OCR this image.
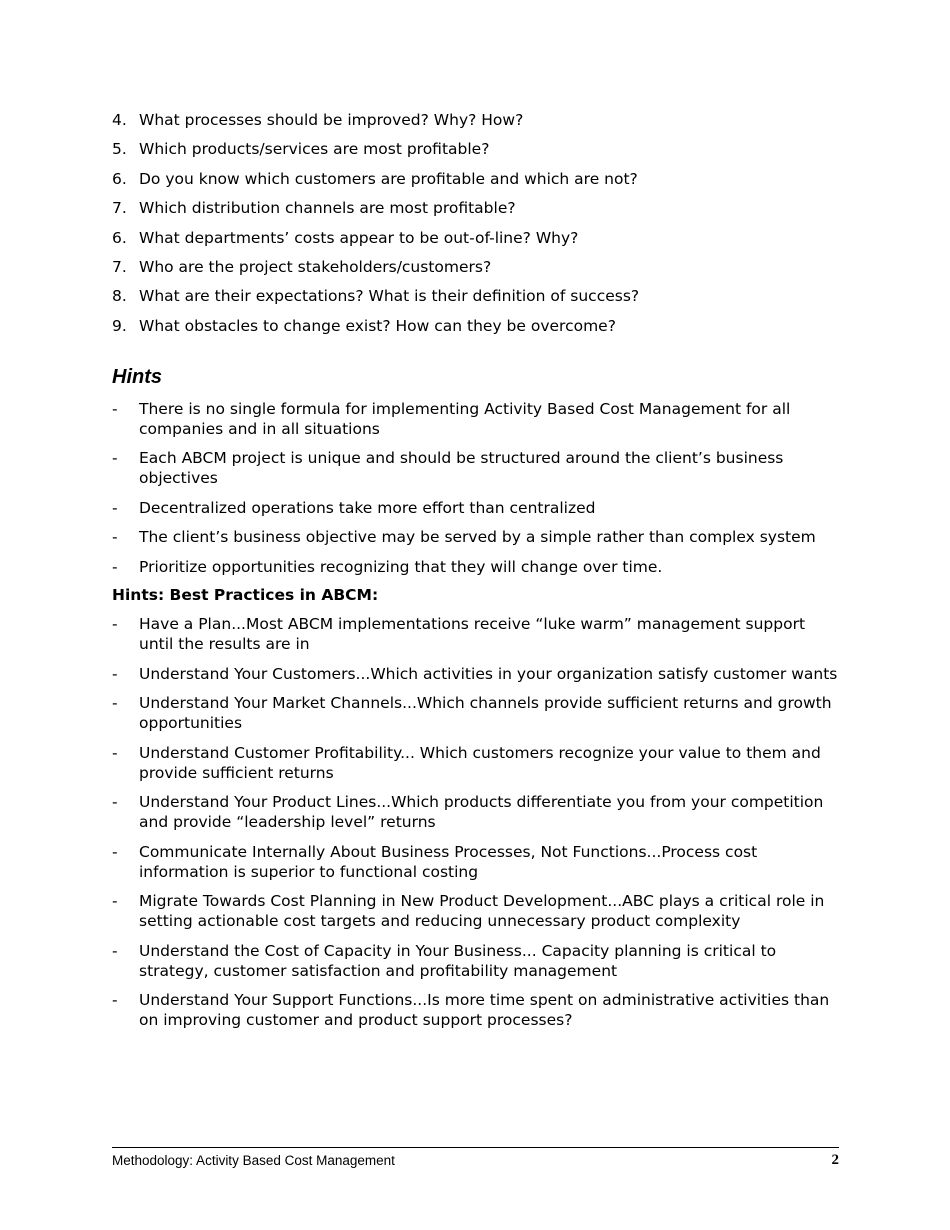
4. What processes should be improved? Why? How?
5. Which products/services are most profitable?
6. Do you know which customers are profitable and which are not?
7. Which distribution channels are most profitable?
6. What departments’ costs appear to be out-of-line? Why?
7. Who are the project stakeholders/customers?
8. What are their expectations? What is their definition of success?
9. What obstacles to change exist? How can they be overcome?
Hints
-	There is no single formula for implementing Activity Based Cost Management for all companies and in all situations
-	Each ABCM project is unique and should be structured around the client’s business objectives
-	Decentralized operations take more effort than centralized
-	The client’s business objective may be served by a simple rather than complex system
-	Prioritize opportunities recognizing that they will change over time.
Hints: Best Practices in ABCM:
-	Have a Plan...Most ABCM implementations receive “luke warm” management support until the results are in
-	Understand Your Customers...Which activities in your organization satisfy customer wants
-	Understand Your Market Channels...Which channels provide sufficient returns and growth opportunities
-	Understand Customer Profitability... Which customers recognize your value to them and provide sufficient returns
-	Understand Your Product Lines...Which products differentiate you from your competition and provide “leadership level” returns
-	Communicate Internally About Business Processes, Not Functions...Process cost information is superior to functional costing
-	Migrate Towards Cost Planning in New Product Development...ABC plays a critical role in setting actionable cost targets and reducing unnecessary product complexity
-	Understand the Cost of Capacity in Your Business... Capacity planning is critical to strategy, customer satisfaction and profitability management
-	Understand Your Support Functions...Is more time spent on administrative activities than on improving customer and product support processes?
Methodology: Activity Based Cost Management	2
